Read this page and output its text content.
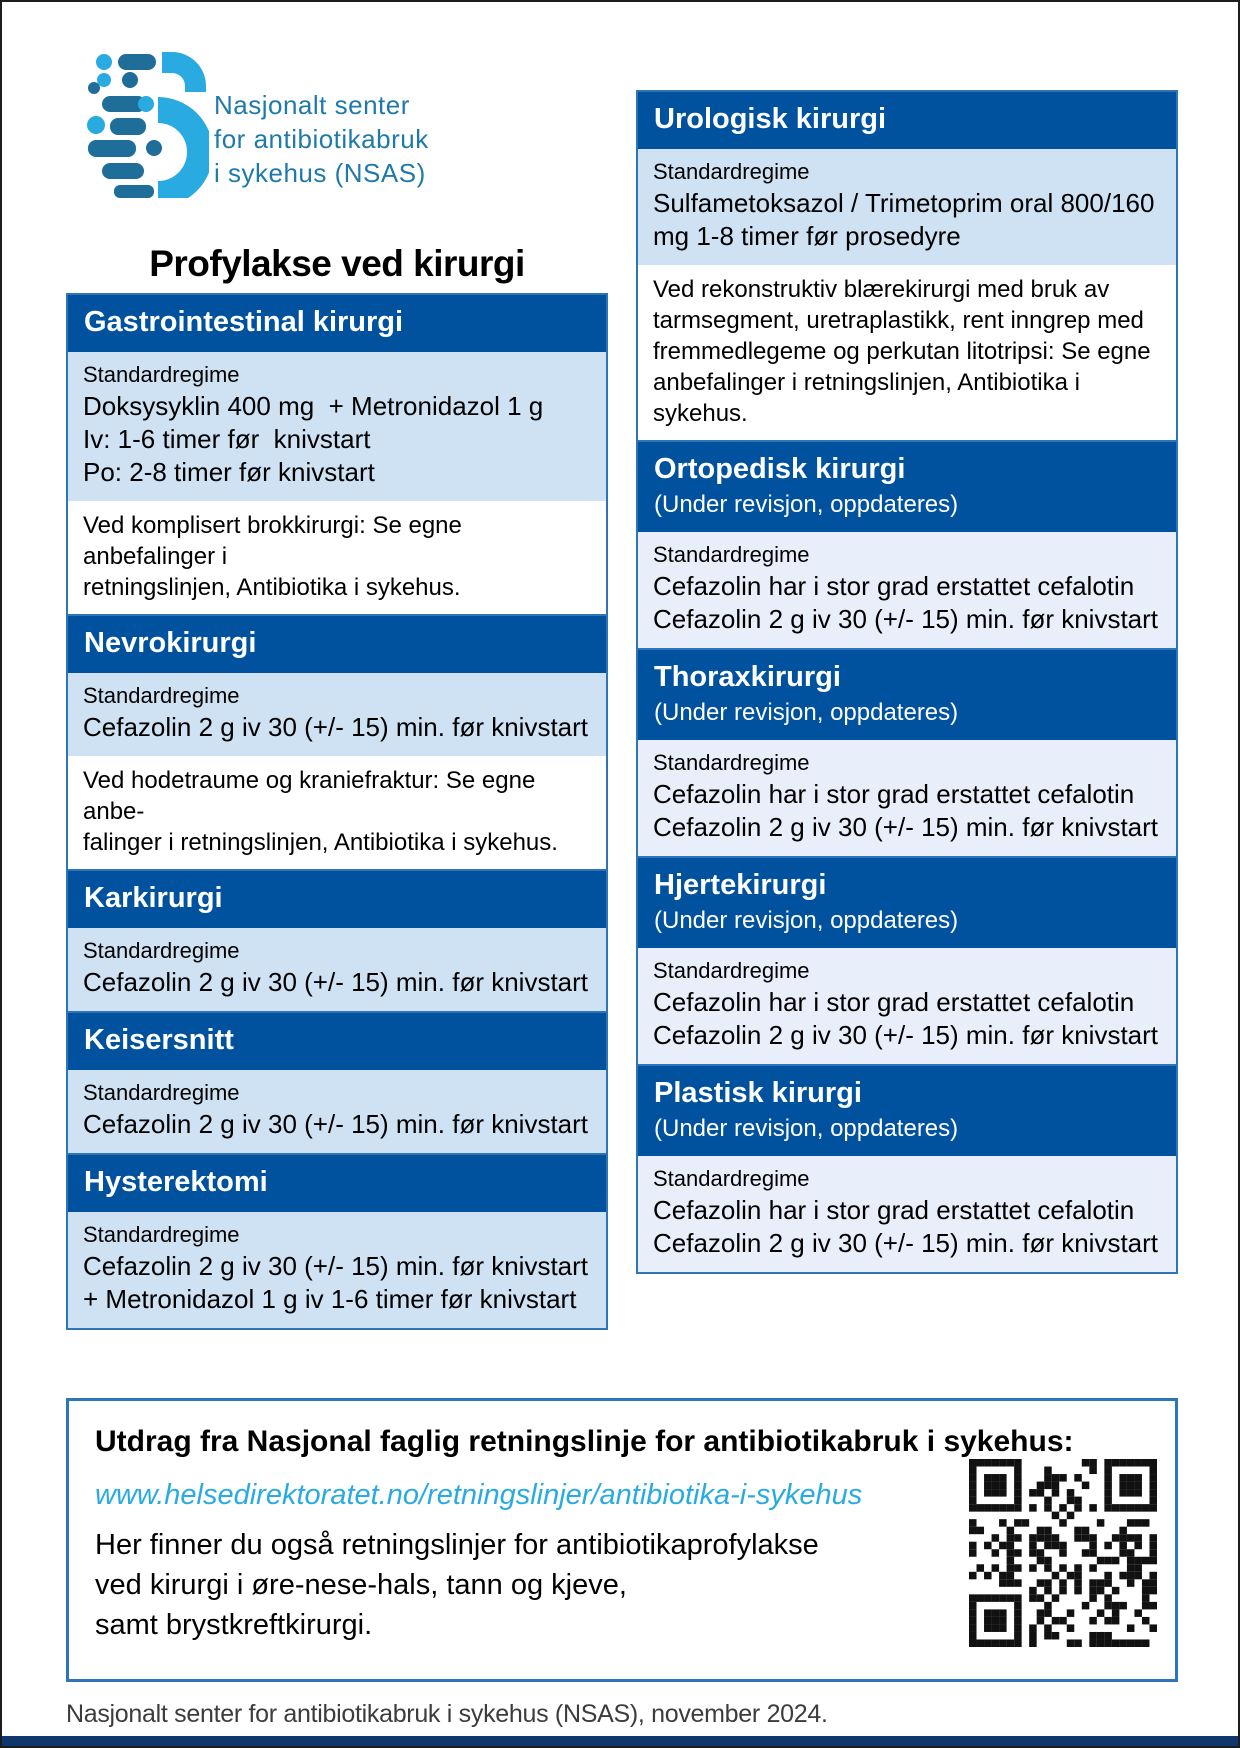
Nasjonalt senter
for antibiotikabruk
i sykehus (NSAS)
Profylakse ved kirurgi
Gastrointestinal kirurgi
Standardregime
Doksysyklin 400 mg  + Metronidazol 1 g
Iv: 1-6 timer før  knivstart
Po: 2-8 timer før knivstart
Ved komplisert brokkirurgi: Se egne anbefalinger i
retningslinjen, Antibiotika i sykehus.
Nevrokirurgi
Standardregime
Cefazolin 2 g iv 30 (+/- 15) min. før knivstart
Ved hodetraume og kraniefraktur: Se egne anbe-
falinger i retningslinjen, Antibiotika i sykehus.
Karkirurgi
Standardregime
Cefazolin 2 g iv 30 (+/- 15) min. før knivstart
Keisersnitt
Standardregime
Cefazolin 2 g iv 30 (+/- 15) min. før knivstart
Hysterektomi
Standardregime
Cefazolin 2 g iv 30 (+/- 15) min. før knivstart
+ Metronidazol 1 g iv 1-6 timer før knivstart
Urologisk kirurgi
Standardregime
Sulfametoksazol / Trimetoprim oral 800/160
mg 1-8 timer før prosedyre
Ved rekonstruktiv blærekirurgi med bruk av
tarmsegment, uretraplastikk, rent inngrep med
fremmedlegeme og perkutan litotripsi: Se egne
anbefalinger i retningslinjen, Antibiotika i sykehus.
Ortopedisk kirurgi
(Under revisjon, oppdateres)
Standardregime
Cefazolin har i stor grad erstattet cefalotin
Cefazolin 2 g iv 30 (+/- 15) min. før knivstart
Thoraxkirurgi
(Under revisjon, oppdateres)
Standardregime
Cefazolin har i stor grad erstattet cefalotin
Cefazolin 2 g iv 30 (+/- 15) min. før knivstart
Hjertekirurgi
(Under revisjon, oppdateres)
Standardregime
Cefazolin har i stor grad erstattet cefalotin
Cefazolin 2 g iv 30 (+/- 15) min. før knivstart
Plastisk kirurgi
(Under revisjon, oppdateres)
Standardregime
Cefazolin har i stor grad erstattet cefalotin
Cefazolin 2 g iv 30 (+/- 15) min. før knivstart
Utdrag fra Nasjonal faglig retningslinje for antibiotikabruk i sykehus:
www.helsedirektoratet.no/retningslinjer/antibiotika-i-sykehus
Her finner du også retningslinjer for antibiotikaprofylakse
ved kirurgi i øre-nese-hals, tann og kjeve,
samt brystkreftkirurgi.
Nasjonalt senter for antibiotikabruk i sykehus (NSAS), november 2024.
